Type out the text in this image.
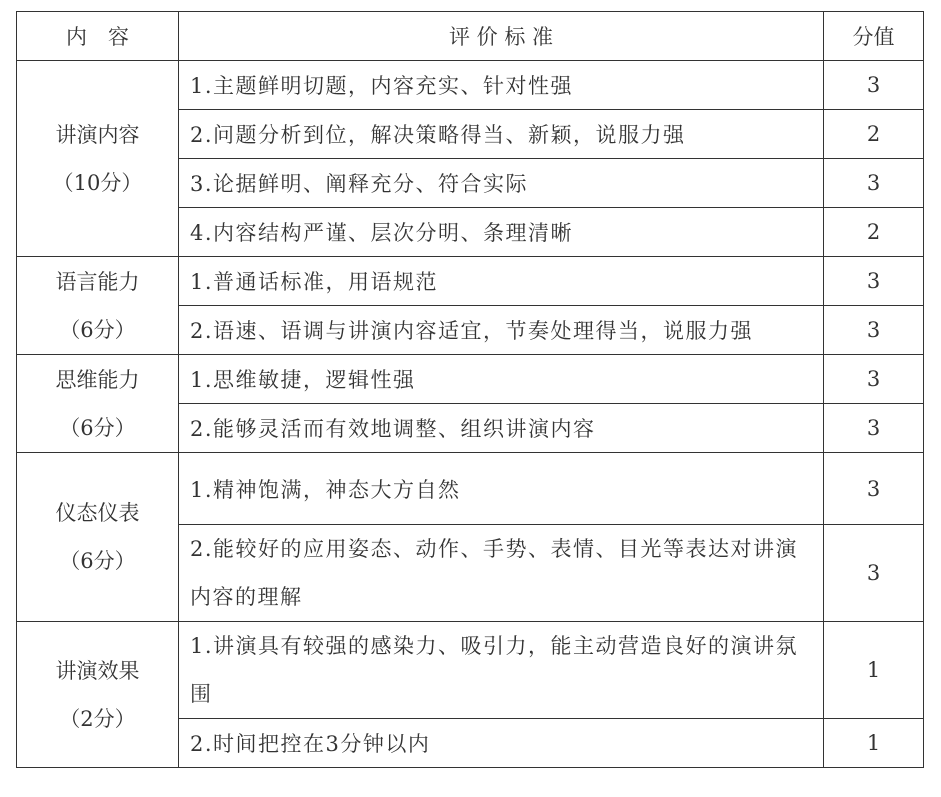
内　容	评 价 标 准	分值

讲演内容
（10分）	1.主题鲜明切题，内容充实、针对性强	3
	2.问题分析到位，解决策略得当、新颖，说服力强	2
	3.论据鲜明、阐释充分、符合实际	3
	4.内容结构严谨、层次分明、条理清晰	2

语言能力
（6分）	1.普通话标准，用语规范	3
	2.语速、语调与讲演内容适宜，节奏处理得当，说服力强	3

思维能力
（6分）	1.思维敏捷，逻辑性强	3
	2.能够灵活而有效地调整、组织讲演内容	3

仪态仪表
（6分）	1.精神饱满，神态大方自然	3
	2.能较好的应用姿态、动作、手势、表情、目光等表达对讲演内容的理解	3

讲演效果
（2分）	1.讲演具有较强的感染力、吸引力，能主动营造良好的演讲氛围	1
	2.时间把控在3分钟以内	1
